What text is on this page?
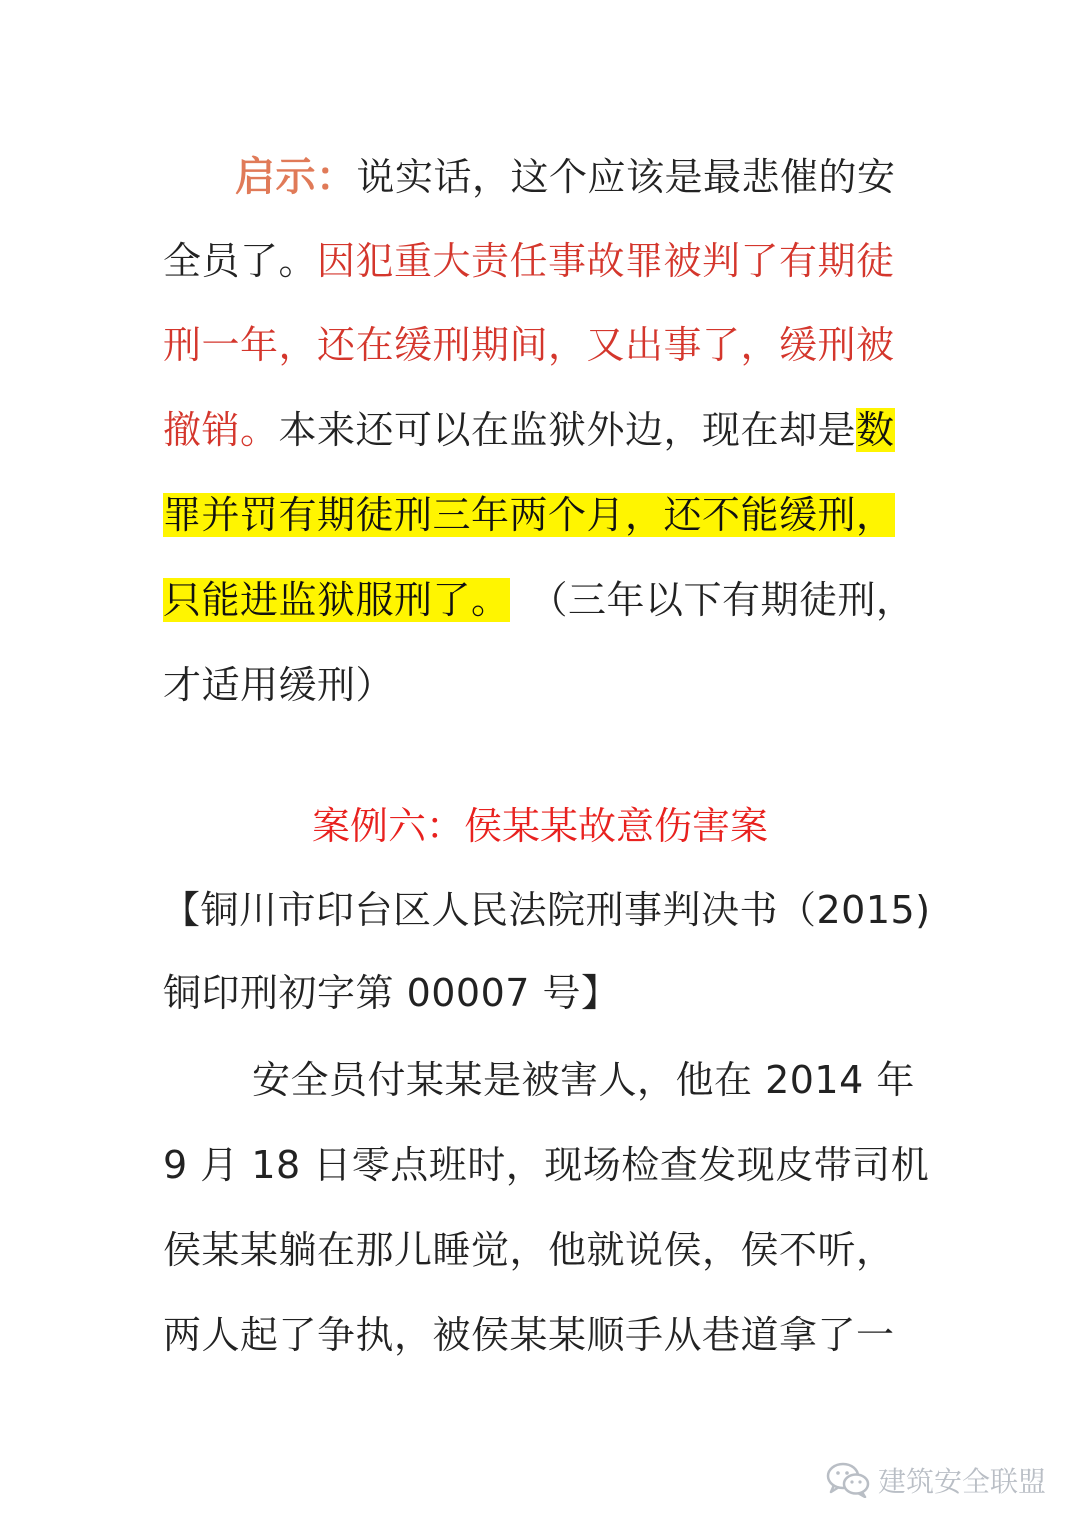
启示：说实话，这个应该是最悲催的安

全员了。因犯重大责任事故罪被判了有期徒

刑一年，还在缓刑期间，又出事了，缓刑被

撤销。本来还可以在监狱外边，现在却是数

罪并罚有期徒刑三年两个月，还不能缓刑，

只能进监狱服刑了。 （三年以下有期徒刑，

才适用缓刑）

案例六：侯某某故意伤害案

【铜川市印台区人民法院刑事判决书（2015)

铜印刑初字第 00007 号】

安全员付某某是被害人，他在 2014 年

9 月 18 日零点班时，现场检查发现皮带司机

侯某某躺在那儿睡觉，他就说侯，侯不听，

两人起了争执，被侯某某顺手从巷道拿了一

建筑安全联盟
